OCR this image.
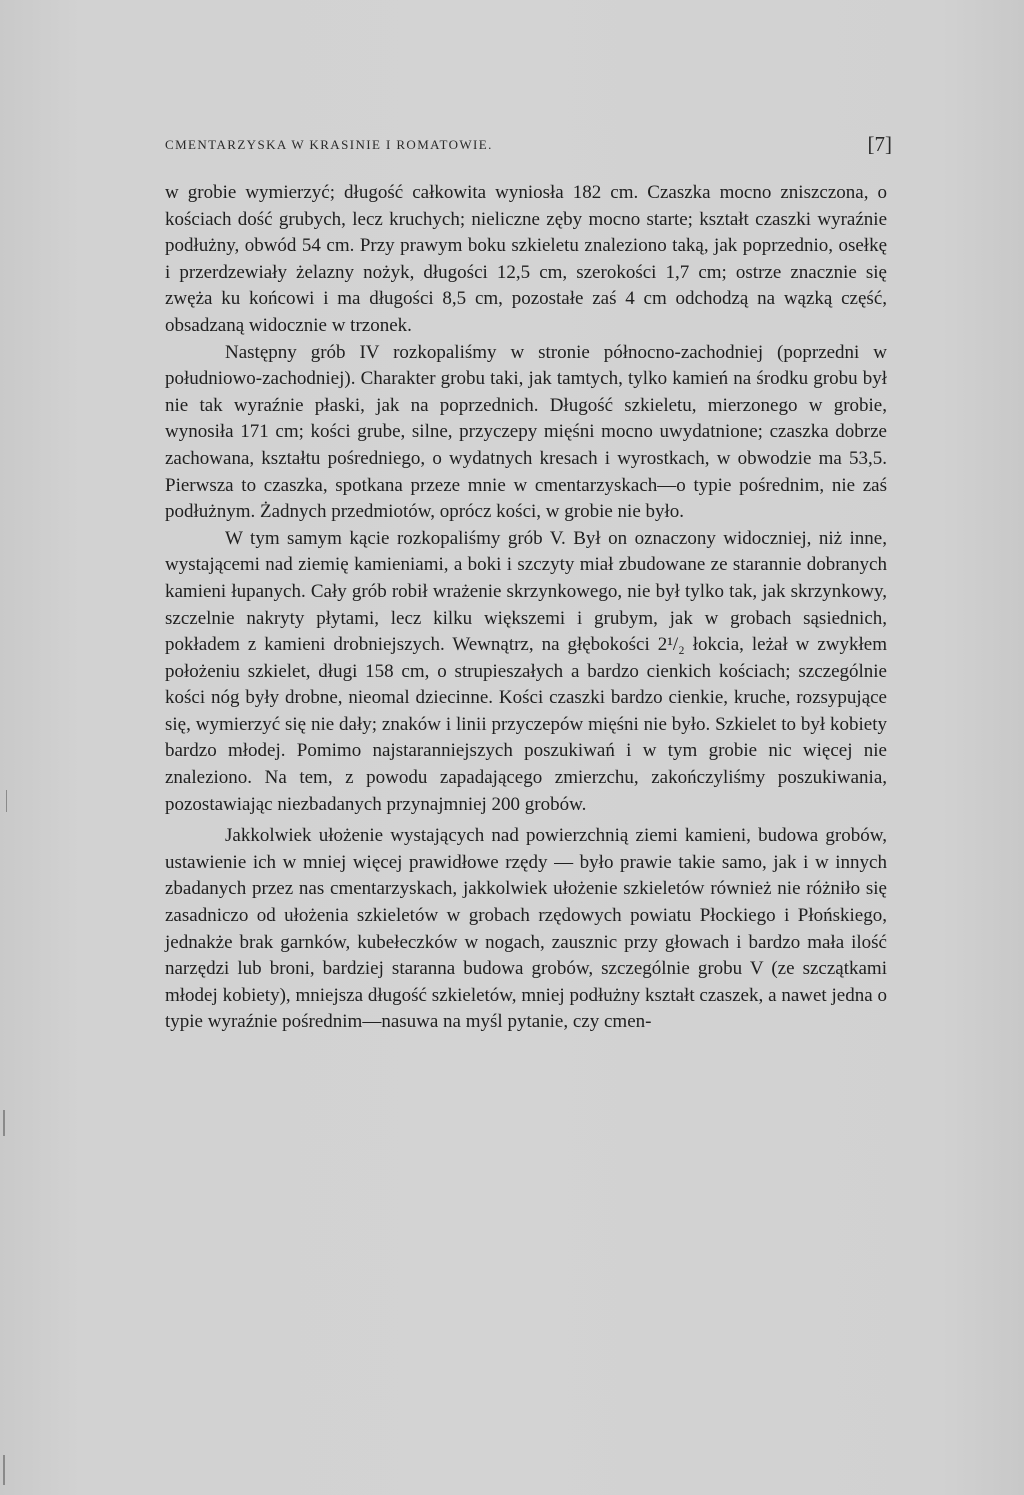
CMENTARZYSKA W KRASINIE I ROMATOWIE.	[7]

w grobie wymierzyć; długość całkowita wyniosła 182 cm. Czaszka mocno zniszczona, o kościach dość grubych, lecz kruchych; nieliczne zęby mocno starte; kształt czaszki wyraźnie podłużny, obwód 54 cm. Przy prawym boku szkieletu znaleziono taką, jak poprzednio, osełkę i przerdzewiały żelazny nożyk, długości 12,5 cm, szerokości 1,7 cm; ostrze znacznie się zwęża ku końcowi i ma długości 8,5 cm, pozostałe zaś 4 cm odchodzą na wązką część, obsadzaną widocznie w trzonek.

Następny grób IV rozkopaliśmy w stronie północno-zachodniej (poprzedni w południowo-zachodniej). Charakter grobu taki, jak tamtych, tylko kamień na środku grobu był nie tak wyraźnie płaski, jak na poprzednich. Długość szkieletu, mierzonego w grobie, wynosiła 171 cm; kości grube, silne, przyczepy mięśni mocno uwydatnione; czaszka dobrze zachowana, kształtu pośredniego, o wydatnych kresach i wyrostkach, w obwodzie ma 53,5. Pierwsza to czaszka, spotkana przeze mnie w cmentarzyskach—o typie pośrednim, nie zaś podłużnym. Żadnych przedmiotów, oprócz kości, w grobie nie było.

W tym samym kącie rozkopaliśmy grób V. Był on oznaczony widoczniej, niż inne, wystającemi nad ziemię kamieniami, a boki i szczyty miał zbudowane ze starannie dobranych kamieni łupanych. Cały grób robił wrażenie skrzynkowego, nie był tylko tak, jak skrzynkowy, szczelnie nakryty płytami, lecz kilku większemi i grubym, jak w grobach sąsiednich, pokładem z kamieni drobniejszych. Wewnątrz, na głębokości 2¹/₂ łokcia, leżał w zwykłem położeniu szkielet, długi 158 cm, o strupieszałych a bardzo cienkich kościach; szczególnie kości nóg były drobne, nieomal dziecinne. Kości czaszki bardzo cienkie, kruche, rozsypujące się, wymierzyć się nie dały; znaków i linii przyczepów mięśni nie było. Szkielet to był kobiety bardzo młodej. Pomimo najstaranniejszych poszukiwań i w tym grobie nic więcej nie znaleziono. Na tem, z powodu zapadającego zmierzchu, zakończyliśmy poszukiwania, pozostawiając niezbadanych przynajmniej 200 grobów.

Jakkolwiek ułożenie wystających nad powierzchnią ziemi kamieni, budowa grobów, ustawienie ich w mniej więcej prawidłowe rzędy — było prawie takie samo, jak i w innych zbadanych przez nas cmentarzyskach, jakkolwiek ułożenie szkieletów również nie różniło się zasadniczo od ułożenia szkieletów w grobach rzędowych powiatu Płockiego i Płońskiego, jednakże brak garnków, kubełeczków w nogach, zausznic przy głowach i bardzo mała ilość narzędzi lub broni, bardziej staranna budowa grobów, szczególnie grobu V (ze szczątkami młodej kobiety), mniejsza długość szkieletów, mniej podłużny kształt czaszek, a nawet jedna o typie wyraźnie pośrednim—nasuwa na myśl pytanie, czy cmen-
